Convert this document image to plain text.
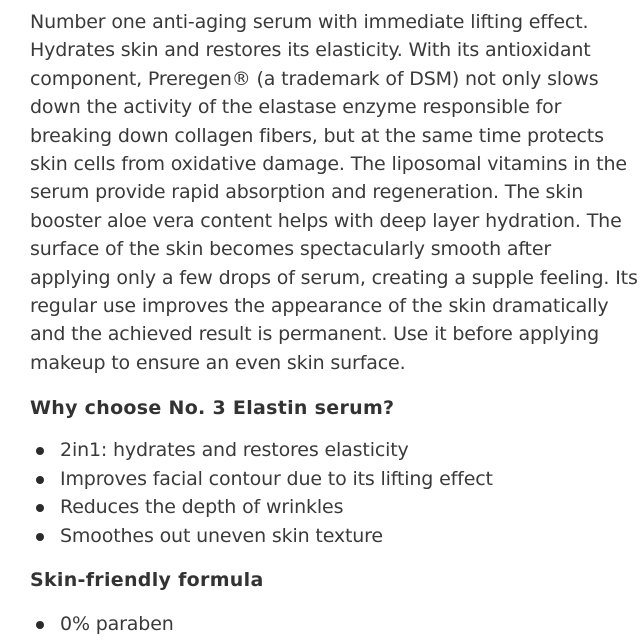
Number one anti-aging serum with immediate lifting effect.
Hydrates skin and restores its elasticity. With its antioxidant
component, Preregen® (a trademark of DSM) not only slows
down the activity of the elastase enzyme responsible for
breaking down collagen fibers, but at the same time protects
skin cells from oxidative damage. The liposomal vitamins in the
serum provide rapid absorption and regeneration. The skin
booster aloe vera content helps with deep layer hydration. The
surface of the skin becomes spectacularly smooth after
applying only a few drops of serum, creating a supple feeling. Its
regular use improves the appearance of the skin dramatically
and the achieved result is permanent. Use it before applying
makeup to ensure an even skin surface.

Why choose No. 3 Elastin serum?
2in1: hydrates and restores elasticity
Improves facial contour due to its lifting effect
Reduces the depth of wrinkles
Smoothes out uneven skin texture
Skin-friendly formula
0% paraben
